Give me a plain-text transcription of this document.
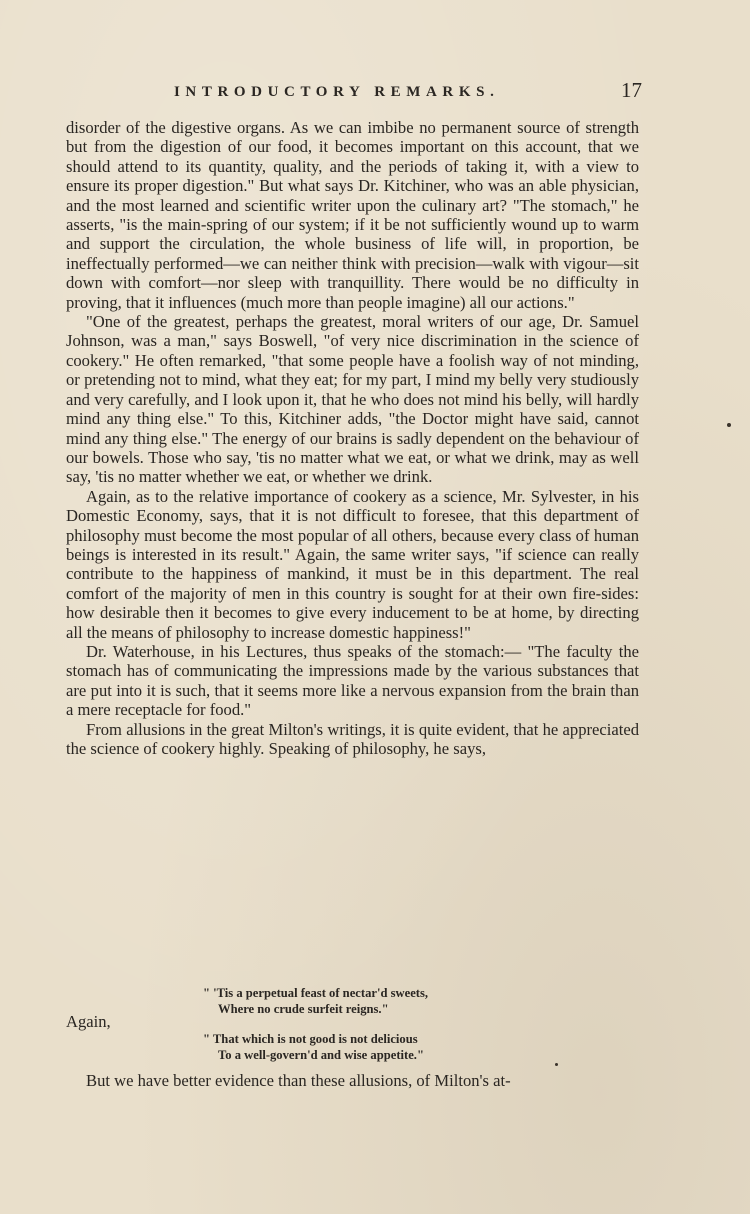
INTRODUCTORY REMARKS.	17

disorder of the digestive organs. As we can imbibe no permanent source of strength but from the digestion of our food, it becomes important on this account, that we should attend to its quantity, quality, and the periods of taking it, with a view to ensure its proper digestion." But what says Dr. Kitchiner, who was an able physician, and the most learned and scientific writer upon the culinary art? "The stomach," he asserts, "is the main-spring of our system; if it be not sufficiently wound up to warm and support the circulation, the whole business of life will, in proportion, be ineffectually performed—we can neither think with precision—walk with vigour—sit down with comfort—nor sleep with tranquillity. There would be no difficulty in proving, that it influences (much more than people imagine) all our actions."

"One of the greatest, perhaps the greatest, moral writers of our age, Dr. Samuel Johnson, was a man," says Boswell, "of very nice discrimination in the science of cookery." He often remarked, "that some people have a foolish way of not minding, or pretending not to mind, what they eat; for my part, I mind my belly very studiously and very carefully, and I look upon it, that he who does not mind his belly, will hardly mind any thing else." To this, Kitchiner adds, "the Doctor might have said, cannot mind any thing else." The energy of our brains is sadly dependent on the behaviour of our bowels. Those who say, 'tis no matter what we eat, or what we drink, may as well say, 'tis no matter whether we eat, or whether we drink.

Again, as to the relative importance of cookery as a science, Mr. Sylvester, in his Domestic Economy, says, that it is not difficult to foresee, that this department of philosophy must become the most popular of all others, because every class of human beings is interested in its result." Again, the same writer says, "if science can really contribute to the happiness of mankind, it must be in this department. The real comfort of the majority of men in this country is sought for at their own fire-sides: how desirable then it becomes to give every inducement to be at home, by directing all the means of philosophy to increase domestic happiness!"

Dr. Waterhouse, in his Lectures, thus speaks of the stomach:— "The faculty the stomach has of communicating the impressions made by the various substances that are put into it is such, that it seems more like a nervous expansion from the brain than a mere receptacle for food."

From allusions in the great Milton's writings, it is quite evident, that he appreciated the science of cookery highly. Speaking of philosophy, he says,

" 'Tis a perpetual feast of nectar'd sweets,
Where no crude surfeit reigns."
Again,
" That which is not good is not delicious
To a well-govern'd and wise appetite."
But we have better evidence than these allusions, of Milton's at-
